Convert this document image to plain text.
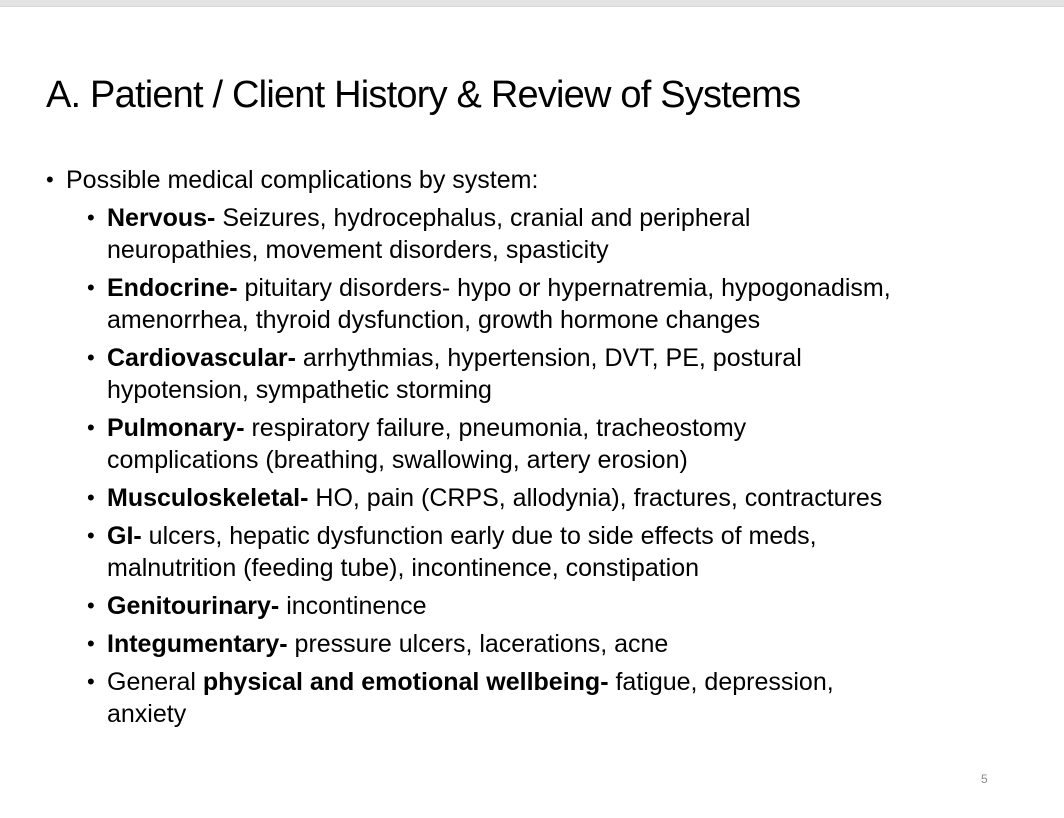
A. Patient / Client History & Review of Systems
• Possible medical complications by system:
• Nervous- Seizures, hydrocephalus, cranial and peripheral
neuropathies, movement disorders, spasticity
• Endocrine- pituitary disorders- hypo or hypernatremia, hypogonadism,
amenorrhea, thyroid dysfunction, growth hormone changes
• Cardiovascular- arrhythmias, hypertension, DVT, PE, postural
hypotension, sympathetic storming
• Pulmonary- respiratory failure, pneumonia, tracheostomy
complications (breathing, swallowing, artery erosion)
• Musculoskeletal- HO, pain (CRPS, allodynia), fractures, contractures
• GI- ulcers, hepatic dysfunction early due to side effects of meds,
malnutrition (feeding tube), incontinence, constipation
• Genitourinary- incontinence
• Integumentary- pressure ulcers, lacerations, acne
• General physical and emotional wellbeing- fatigue, depression,
anxiety
5
